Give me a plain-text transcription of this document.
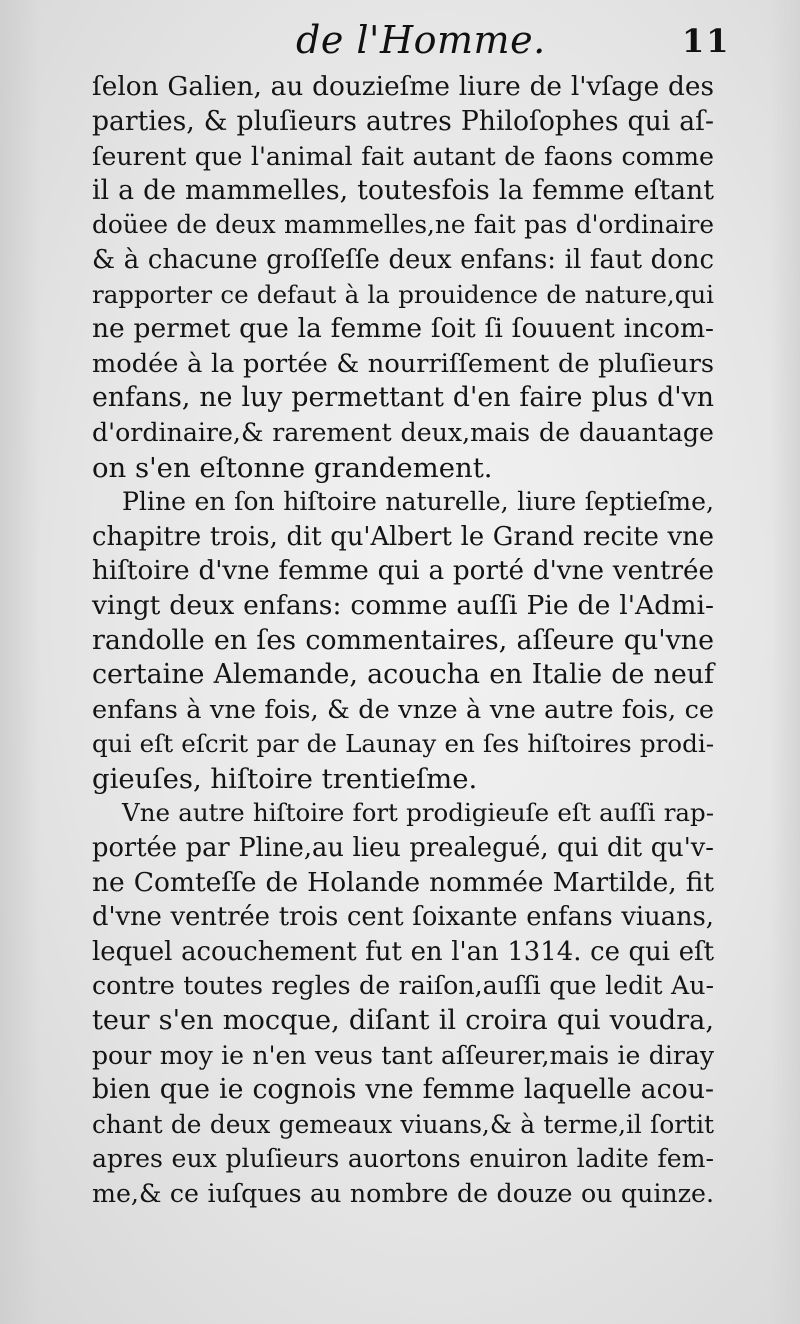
de l'Homme.	11
ſelon Galien, au douzieſme liure de l'vſage des
parties, & pluſieurs autres Philoſophes qui aſ-
ſeurent que l'animal fait autant de faons comme
il a de mammelles, toutesfois la femme eſtant
doüee de deux mammelles,ne fait pas d'ordinaire
& à chacune groſſeſſe deux enfans: il faut donc
rapporter ce defaut à la prouidence de nature,qui
ne permet que la femme ſoit ſi ſouuent incom-
modée à la portée & nourriſſement de pluſieurs
enfans, ne luy permettant d'en faire plus d'vn
d'ordinaire,& rarement deux,mais de dauantage
on s'en eſtonne grandement.
Pline en ſon hiſtoire naturelle, liure ſeptieſme,
chapitre trois, dit qu'Albert le Grand recite vne
hiſtoire d'vne femme qui a porté d'vne ventrée
vingt deux enfans: comme auſſi Pie de l'Admi-
randolle en ſes commentaires, aſſeure qu'vne
certaine Alemande, acoucha en Italie de neuf
enfans à vne fois, & de vnze à vne autre fois, ce
qui eſt eſcrit par de Launay en ſes hiſtoires prodi-
gieuſes, hiſtoire trentieſme.
Vne autre hiſtoire fort prodigieuſe eſt auſſi rap-
portée par Pline,au lieu prealegué, qui dit qu'v-
ne Comteſſe de Holande nommée Martilde, fit
d'vne ventrée trois cent ſoixante enfans viuans,
lequel acouchement fut en l'an 1314. ce qui eſt
contre toutes regles de raiſon,auſſi que ledit Au-
teur s'en mocque, diſant il croira qui voudra,
pour moy ie n'en veus tant aſſeurer,mais ie diray
bien que ie cognois vne femme laquelle acou-
chant de deux gemeaux viuans,& à terme,il ſortit
apres eux pluſieurs auortons enuiron ladite fem-
me,& ce iuſques au nombre de douze ou quinze.
